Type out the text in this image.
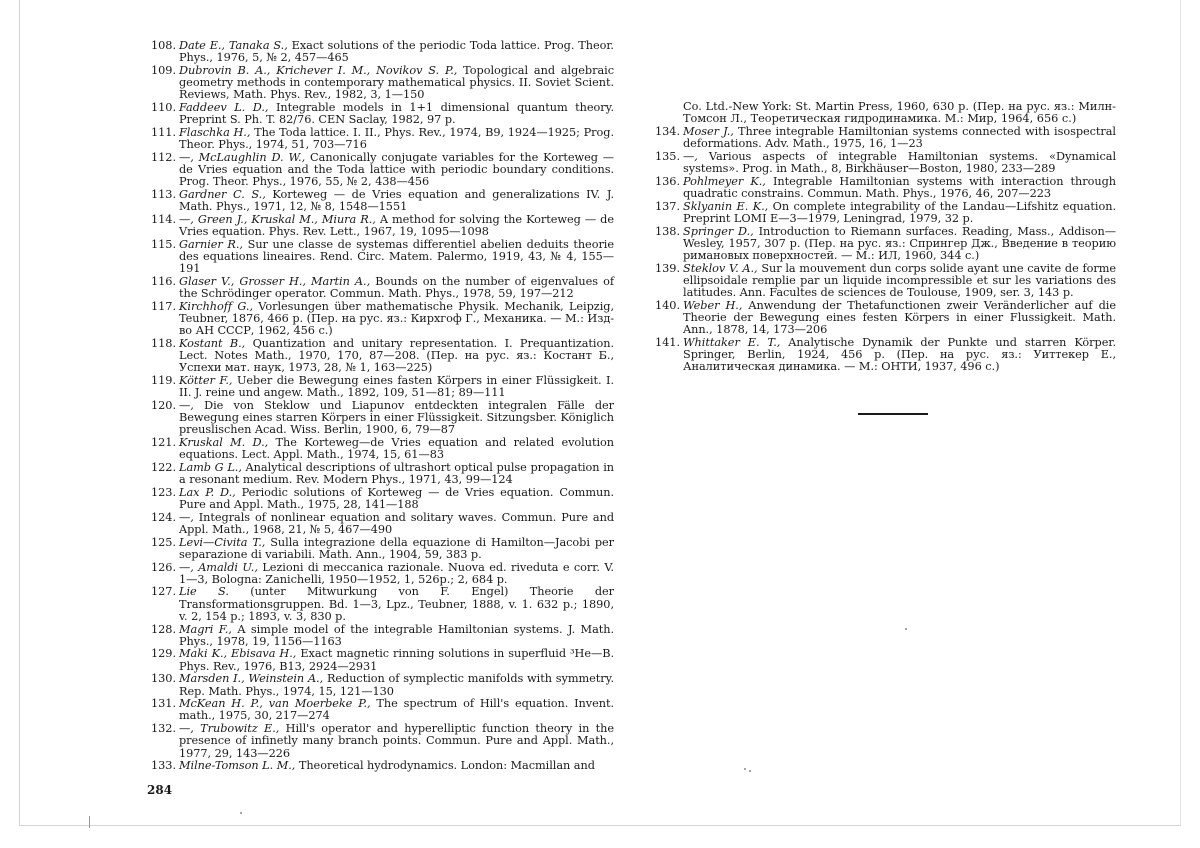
108. Date E., Tanaka S., Exact solutions of the periodic Toda lattice. Prog. Theor. Phys., 1976, 5, № 2, 457—465
109. Dubrovin B. A., Krichever I. M., Novikov S. P., Topological and algebraic geometry methods in contemporary mathematical physics. II. Soviet Scient. Reviews, Math. Phys. Rev., 1982, 3, 1—150
110. Faddeev L. D., Integrable models in 1+1 dimensional quantum theory. Preprint S. Ph. T. 82/76. CEN Saclay, 1982, 97 p.
111. Flaschka H., The Toda lattice. I. II., Phys. Rev., 1974, B9, 1924—1925; Prog. Theor. Phys., 1974, 51, 703—716
112. —, McLaughlin D. W., Canonically conjugate variables for the Korteweg — de Vries equation and the Toda lattice with periodic boundary conditions. Prog. Theor. Phys., 1976, 55, № 2, 438—456
113. Gardner C. S., Korteweg — de Vries equation and generalizations IV. J. Math. Phys., 1971, 12, № 8, 1548—1551
114. —, Green J., Kruskal M., Miura R., A method for solving the Korteweg — de Vries equation. Phys. Rev. Lett., 1967, 19, 1095—1098
115. Garnier R., Sur une classe de systemas differentiel abelien deduits theorie des equations lineaires. Rend. Circ. Matem. Palermo, 1919, 43, № 4, 155—191
116. Glaser V., Grosser H., Martin A., Bounds on the number of eigenvalues of the Schrödinger operator. Commun. Math. Phys., 1978, 59, 197—212
117. Kirchhoff G., Vorlesungen über mathematische Physik. Mechanik, Leipzig, Teubner, 1876, 466 p. (Пер. на рус. яз.: Кирхгоф Г., Механика. — М.: Изд-во АН СССР, 1962, 456 с.)
118. Kostant B., Quantization and unitary representation. I. Prequantization. Lect. Notes Math., 1970, 170, 87—208. (Пер. на рус. яз.: Костант Б., Успехи мат. наук, 1973, 28, № 1, 163—225)
119. Kötter F., Ueber die Bewegung eines fasten Körpers in einer Flüssigkeit. I. II. J. reine und angew. Math., 1892, 109, 51—81; 89—111
120. —, Die von Steklow und Liapunov entdeckten integralen Fälle der Bewegung eines starren Körpers in einer Flüssigkeit. Sitzungsber. Königlich preuslischen Acad. Wiss. Berlin, 1900, 6, 79—87
121. Kruskal M. D., The Korteweg—de Vries equation and related evolution equations. Lect. Appl. Math., 1974, 15, 61—83
122. Lamb G L., Analytical descriptions of ultrashort optical pulse propagation in a resonant medium. Rev. Modern Phys., 1971, 43, 99—124
123. Lax P. D., Periodic solutions of Korteweg — de Vries equation. Commun. Pure and Appl. Math., 1975, 28, 141—188
124. —, Integrals of nonlinear equation and solitary waves. Commun. Pure and Appl. Math., 1968, 21, № 5, 467—490
125. Levi—Civita T., Sulla integrazione della equazione di Hamilton—Jacobi per separazione di variabili. Math. Ann., 1904, 59, 383 p.
126. —, Amaldi U., Lezioni di meccanica razionale. Nuova ed. riveduta e corr. V. 1—3, Bologna: Zanichelli, 1950—1952, 1, 526p.; 2, 684 p.
127. Lie S. (unter Mitwurkung von F. Engel) Theorie der Transformationsgruppen. Bd. 1—3, Lpz., Teubner, 1888, v. 1. 632 p.; 1890, v. 2, 154 p.; 1893, v. 3, 830 p.
128. Magri F., A simple model of the integrable Hamiltonian systems. J. Math. Phys., 1978, 19, 1156—1163
129. Maki K., Ebisava H., Exact magnetic rinning solutions in superfluid ³He—B. Phys. Rev., 1976, B13, 2924—2931
130. Marsden I., Weinstein A., Reduction of symplectic manifolds with symmetry. Rep. Math. Phys., 1974, 15, 121—130
131. McKean H. P., van Moerbeke P., The spectrum of Hill's equation. Invent. math., 1975, 30, 217—274
132. —, Trubowitz E., Hill's operator and hyperelliptic function theory in the presence of infinetly many branch points. Commun. Pure and Appl. Math., 1977, 29, 143—226
133. Milne-Tomson L. M., Theoretical hydrodynamics. London: Macmillan and
Co. Ltd.-New York: St. Martin Press, 1960, 630 p. (Пер. на рус. яз.: Милн-Томсон Л., Теоретическая гидродинамика. М.: Мир, 1964, 656 с.)
134. Moser J., Three integrable Hamiltonian systems connected with isospectral deformations. Adv. Math., 1975, 16, 1—23
135. —, Various aspects of integrable Hamiltonian systems. «Dynamical systems». Prog. in Math., 8, Birkhäuser—Boston, 1980, 233—289
136. Pohlmeyer K., Integrable Hamiltonian systems with interaction through quadratic constrains. Commun. Math. Phys., 1976, 46, 207—223
137. Sklyanin E. K., On complete integrability of the Landau—Lifshitz equation. Preprint LOMI E—3—1979, Leningrad, 1979, 32 p.
138. Springer D., Introduction to Riemann surfaces. Reading, Mass., Addison—Wesley, 1957, 307 p. (Пер. на рус. яз.: Спрингер Дж., Введение в теорию римановых поверхностей. — М.: ИЛ, 1960, 344 с.)
139. Steklov V. A., Sur la mouvement dun corps solide ayant une cavite de forme ellipsoidale remplie par un liquide incompressible et sur les variations des latitudes. Ann. Facultes de sciences de Toulouse, 1909, ser. 3, 143 p.
140. Weber H., Anwendung der Thetafunctionen zweir Veränderlicher auf die Theorie der Bewegung eines festen Körpers in einer Flussigkeit. Math. Ann., 1878, 14, 173—206
141. Whittaker E. T., Analytische Dynamik der Punkte und starren Körper. Springer, Berlin, 1924, 456 p. (Пер. на рус. яз.: Уиттекер Е., Аналитическая динамика. — М.: ОНТИ, 1937, 496 с.)
284
